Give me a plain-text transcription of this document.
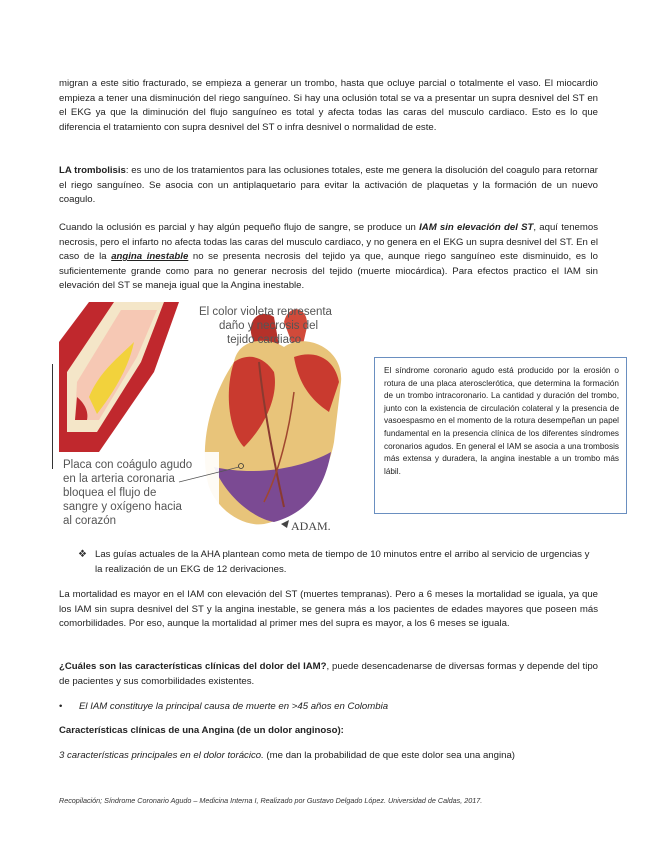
migran a este sitio fracturado, se empieza a generar un trombo, hasta que ocluye parcial o totalmente el vaso. El miocardio empieza a tener una disminución del riego sanguíneo. Si hay una oclusión total se va a presentar un supra desnivel del ST en el EKG ya que la diminución del flujo sanguíneo es total y afecta todas las caras del musculo cardiaco. Esto es lo que diferencia el tratamiento con supra desnivel del ST o infra desnivel o normalidad de este.
LA trombolisis: es uno de los tratamientos para las oclusiones totales, este me genera la disolución del coagulo para retornar el riego sanguíneo. Se asocia con un antiplaquetario para evitar la activación de plaquetas y la formación de un nuevo coagulo.
Cuando la oclusión es parcial y hay algún pequeño flujo de sangre, se produce un IAM sin elevación del ST, aquí tenemos necrosis, pero el infarto no afecta todas las caras del musculo cardiaco, y no genera en el EKG un supra desnivel del ST. En el caso de la angina inestable no se presenta necrosis del tejido ya que, aunque riego sanguíneo este disminuido, es lo suficientemente grande como para no generar necrosis del tejido (muerte miocárdica). Para efectos practico el IAM sin elevación del ST se maneja igual que la Angina inestable.
El color violeta representa
daño y necrosis del
tejido cardiaco
Placa con coágulo agudo
en la arteria coronaria
bloquea el flujo de
sangre y oxígeno hacia
al corazón	ADAM.
El síndrome coronario agudo está producido por la erosión o rotura de una placa aterosclerótica, que determina la formación de un trombo intracoronario. La cantidad y duración del trombo, junto con la existencia de circulación colateral y la presencia de vasoespasmo en el momento de la rotura desempeñan un papel fundamental en la presencia clínica de los diferentes síndromes coronarios agudos. En general el IAM se asocia a una trombosis más extensa y duradera, la angina inestable a un trombo más lábil.
❖ Las guías actuales de la AHA plantean como meta de tiempo de 10 minutos entre el arribo al servicio de urgencias y la realización de un EKG de 12 derivaciones.
La mortalidad es mayor en el IAM con elevación del ST (muertes tempranas). Pero a 6 meses la mortalidad se iguala, ya que los IAM sin supra desnivel del ST y la angina inestable, se genera más a los pacientes de edades mayores que poseen más comorbilidades. Por eso, aunque la mortalidad al primer mes del supra es mayor, a los 6 meses se iguala.
¿Cuáles son las características clínicas del dolor del IAM?, puede desencadenarse de diversas formas y depende del tipo de pacientes y sus comorbilidades existentes.
•	El IAM constituye la principal causa de muerte en >45 años en Colombia
Características clínicas de una Angina (de un dolor anginoso):
3 características principales en el dolor torácico. (me dan la probabilidad de que este dolor sea una angina)
Recopilación; Síndrome Coronario Agudo – Medicina Interna I, Realizado por Gustavo Delgado López. Universidad de Caldas, 2017.
